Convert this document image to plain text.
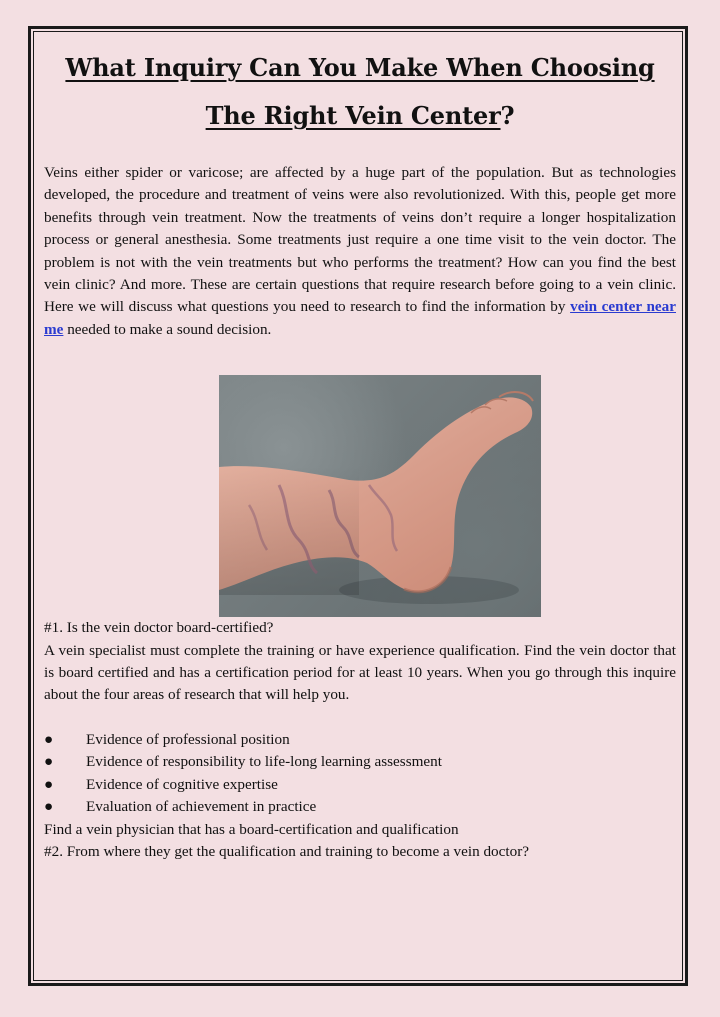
What Inquiry Can You Make When Choosing
The Right Vein Center?

Veins either spider or varicose; are affected by a huge part of the population. But as technologies developed, the procedure and treatment of veins were also revolutionized. With this, people get more benefits through vein treatment. Now the treatments of veins don’t require a longer hospitalization process or general anesthesia. Some treatments just require a one time visit to the vein doctor. The problem is not with the vein treatments but who performs the treatment? How can you find the best vein clinic? And more. These are certain questions that require research before going to a vein clinic. Here we will discuss what questions you need to research to find the information by vein center near me needed to make a sound decision.

#1. Is the vein doctor board-certified?

A vein specialist must complete the training or have experience qualification. Find the vein doctor that is board certified and has a certification period for at least 10 years. When you go through this inquire about the four areas of research that will help you.

●	Evidence of professional position
●	Evidence of responsibility to life-long learning assessment
●	Evidence of cognitive expertise
●	Evaluation of achievement in practice

Find a vein physician that has a board-certification and qualification

#2. From where they get the qualification and training to become a vein doctor?
